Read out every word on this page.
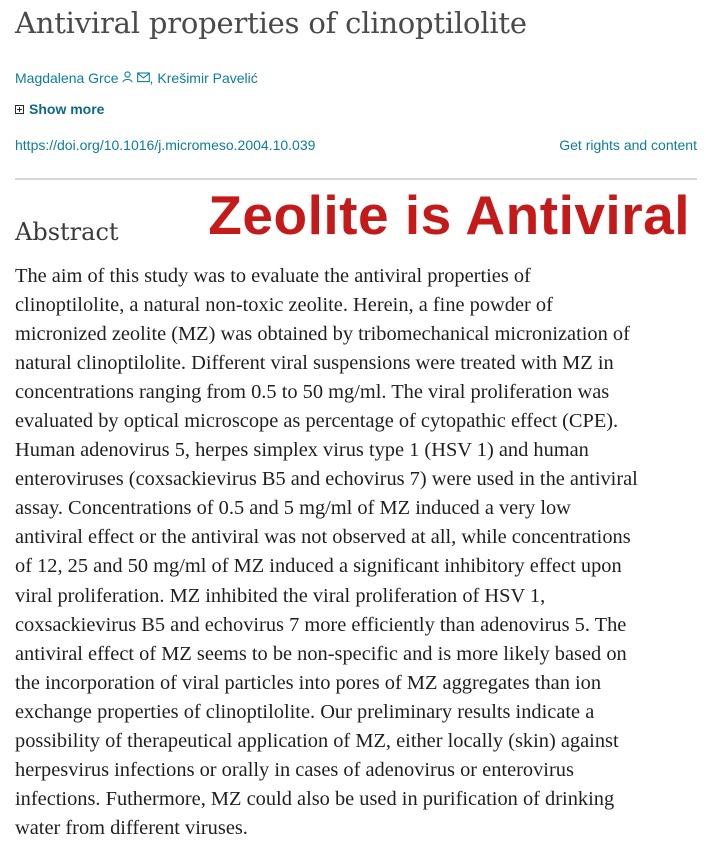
Antiviral properties of clinoptilolite
Magdalena Grce , Krešimir Pavelić
Show more
https://doi.org/10.1016/j.micromeso.2004.10.039	Get rights and content
Abstract Zeolite is Antiviral
The aim of this study was to evaluate the antiviral properties of
clinoptilolite, a natural non-toxic zeolite. Herein, a fine powder of
micronized zeolite (MZ) was obtained by tribomechanical micronization of
natural clinoptilolite. Different viral suspensions were treated with MZ in
concentrations ranging from 0.5 to 50 mg/ml. The viral proliferation was
evaluated by optical microscope as percentage of cytopathic effect (CPE).
Human adenovirus 5, herpes simplex virus type 1 (HSV 1) and human
enteroviruses (coxsackievirus B5 and echovirus 7) were used in the antiviral
assay. Concentrations of 0.5 and 5 mg/ml of MZ induced a very low
antiviral effect or the antiviral was not observed at all, while concentrations
of 12, 25 and 50 mg/ml of MZ induced a significant inhibitory effect upon
viral proliferation. MZ inhibited the viral proliferation of HSV 1,
coxsackievirus B5 and echovirus 7 more efficiently than adenovirus 5. The
antiviral effect of MZ seems to be non-specific and is more likely based on
the incorporation of viral particles into pores of MZ aggregates than ion
exchange properties of clinoptilolite. Our preliminary results indicate a
possibility of therapeutical application of MZ, either locally (skin) against
herpesvirus infections or orally in cases of adenovirus or enterovirus
infections. Futhermore, MZ could also be used in purification of drinking
water from different viruses.
